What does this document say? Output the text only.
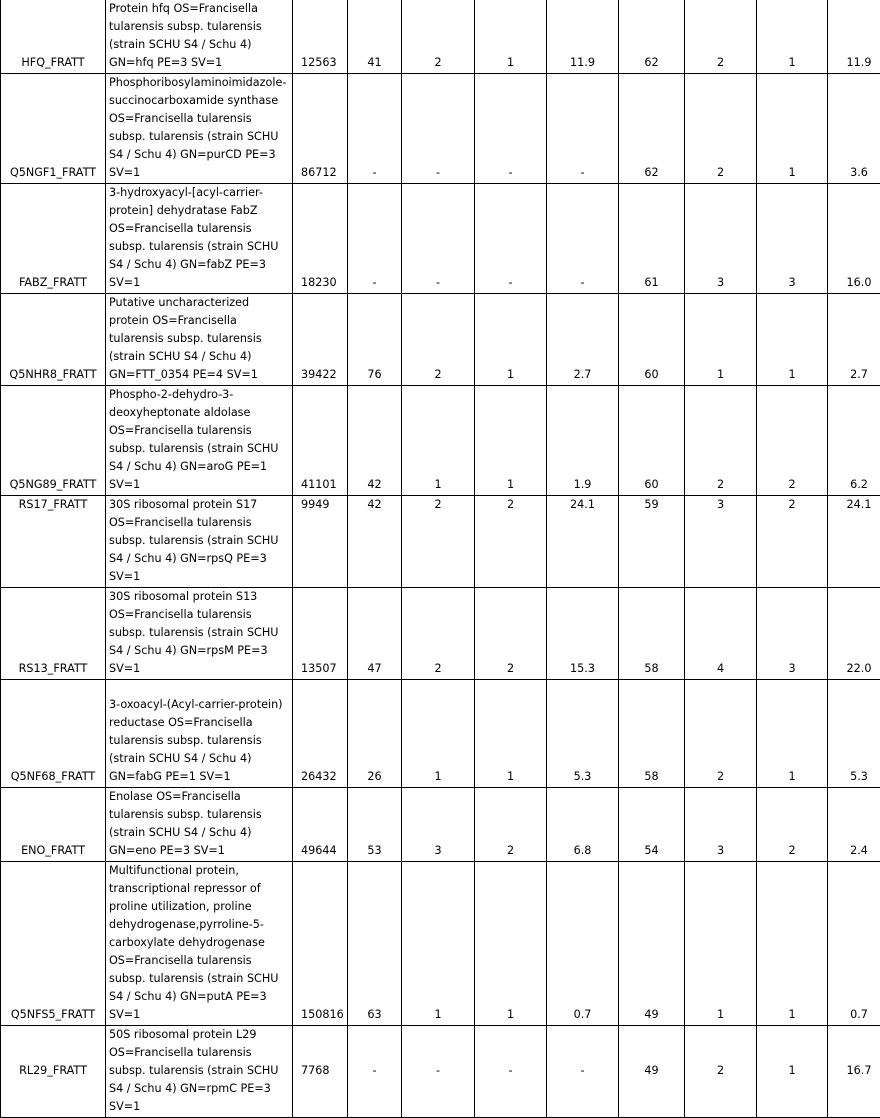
HFQ_FRATT	Protein hfq OS=Francisella tularensis subsp. tularensis (strain SCHU S4 / Schu 4) GN=hfq PE=3 SV=1	12563	41	2	1	11.9	62	2	1	11.9
Q5NGF1_FRATT	Phosphoribosylaminoimidazole-succinocarboxamide synthase OS=Francisella tularensis subsp. tularensis (strain SCHU S4 / Schu 4) GN=purCD PE=3 SV=1	86712	-	-	-	-	62	2	1	3.6
FABZ_FRATT	3-hydroxyacyl-[acyl-carrier-protein] dehydratase FabZ OS=Francisella tularensis subsp. tularensis (strain SCHU S4 / Schu 4) GN=fabZ PE=3 SV=1	18230	-	-	-	-	61	3	3	16.0
Q5NHR8_FRATT	Putative uncharacterized protein OS=Francisella tularensis subsp. tularensis (strain SCHU S4 / Schu 4) GN=FTT_0354 PE=4 SV=1	39422	76	2	1	2.7	60	1	1	2.7
Q5NG89_FRATT	Phospho-2-dehydro-3-deoxyheptonate aldolase OS=Francisella tularensis subsp. tularensis (strain SCHU S4 / Schu 4) GN=aroG PE=1 SV=1	41101	42	1	1	1.9	60	2	2	6.2
RS17_FRATT	30S ribosomal protein S17 OS=Francisella tularensis subsp. tularensis (strain SCHU S4 / Schu 4) GN=rpsQ PE=3 SV=1	9949	42	2	2	24.1	59	3	2	24.1
RS13_FRATT	30S ribosomal protein S13 OS=Francisella tularensis subsp. tularensis (strain SCHU S4 / Schu 4) GN=rpsM PE=3 SV=1	13507	47	2	2	15.3	58	4	3	22.0
Q5NF68_FRATT	3-oxoacyl-(Acyl-carrier-protein) reductase OS=Francisella tularensis subsp. tularensis (strain SCHU S4 / Schu 4) GN=fabG PE=1 SV=1	26432	26	1	1	5.3	58	2	1	5.3
ENO_FRATT	Enolase OS=Francisella tularensis subsp. tularensis (strain SCHU S4 / Schu 4) GN=eno PE=3 SV=1	49644	53	3	2	6.8	54	3	2	2.4
Q5NFS5_FRATT	Multifunctional protein, transcriptional repressor of proline utilization, proline dehydrogenase,pyrroline-5-carboxylate dehydrogenase OS=Francisella tularensis subsp. tularensis (strain SCHU S4 / Schu 4) GN=putA PE=3 SV=1	150816	63	1	1	0.7	49	1	1	0.7
RL29_FRATT	50S ribosomal protein L29 OS=Francisella tularensis subsp. tularensis (strain SCHU S4 / Schu 4) GN=rpmC PE=3 SV=1	7768	-	-	-	-	49	2	1	16.7
